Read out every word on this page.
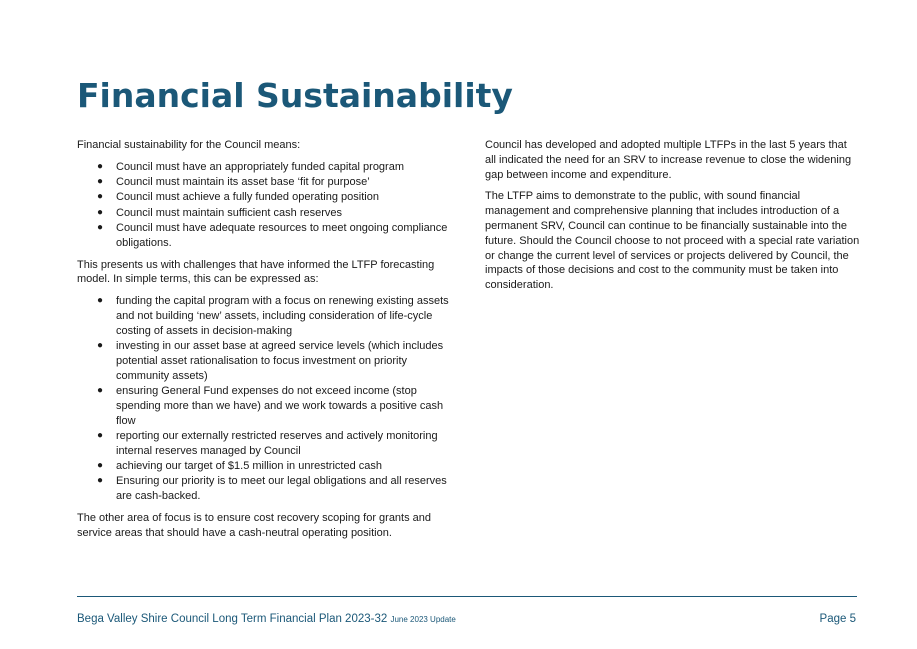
Financial Sustainability

Financial sustainability for the Council means:

● Council must have an appropriately funded capital program
● Council must maintain its asset base ‘fit for purpose’
● Council must achieve a fully funded operating position
● Council must maintain sufficient cash reserves
● Council must have adequate resources to meet ongoing compliance obligations.

This presents us with challenges that have informed the LTFP forecasting model. In simple terms, this can be expressed as:

● funding the capital program with a focus on renewing existing assets and not building ‘new’ assets, including consideration of life-cycle costing of assets in decision-making
● investing in our asset base at agreed service levels (which includes potential asset rationalisation to focus investment on priority community assets)
● ensuring General Fund expenses do not exceed income (stop spending more than we have) and we work towards a positive cash flow
● reporting our externally restricted reserves and actively monitoring internal reserves managed by Council
● achieving our target of $1.5 million in unrestricted cash
● Ensuring our priority is to meet our legal obligations and all reserves are cash-backed.

The other area of focus is to ensure cost recovery scoping for grants and service areas that should have a cash-neutral operating position.

Council has developed and adopted multiple LTFPs in the last 5 years that all indicated the need for an SRV to increase revenue to close the widening gap between income and expenditure.

The LTFP aims to demonstrate to the public, with sound financial management and comprehensive planning that includes introduction of a permanent SRV, Council can continue to be financially sustainable into the future. Should the Council choose to not proceed with a special rate variation or change the current level of services or projects delivered by Council, the impacts of those decisions and cost to the community must be taken into consideration.

Bega Valley Shire Council Long Term Financial Plan 2023-32 June 2023 Update	Page 5
